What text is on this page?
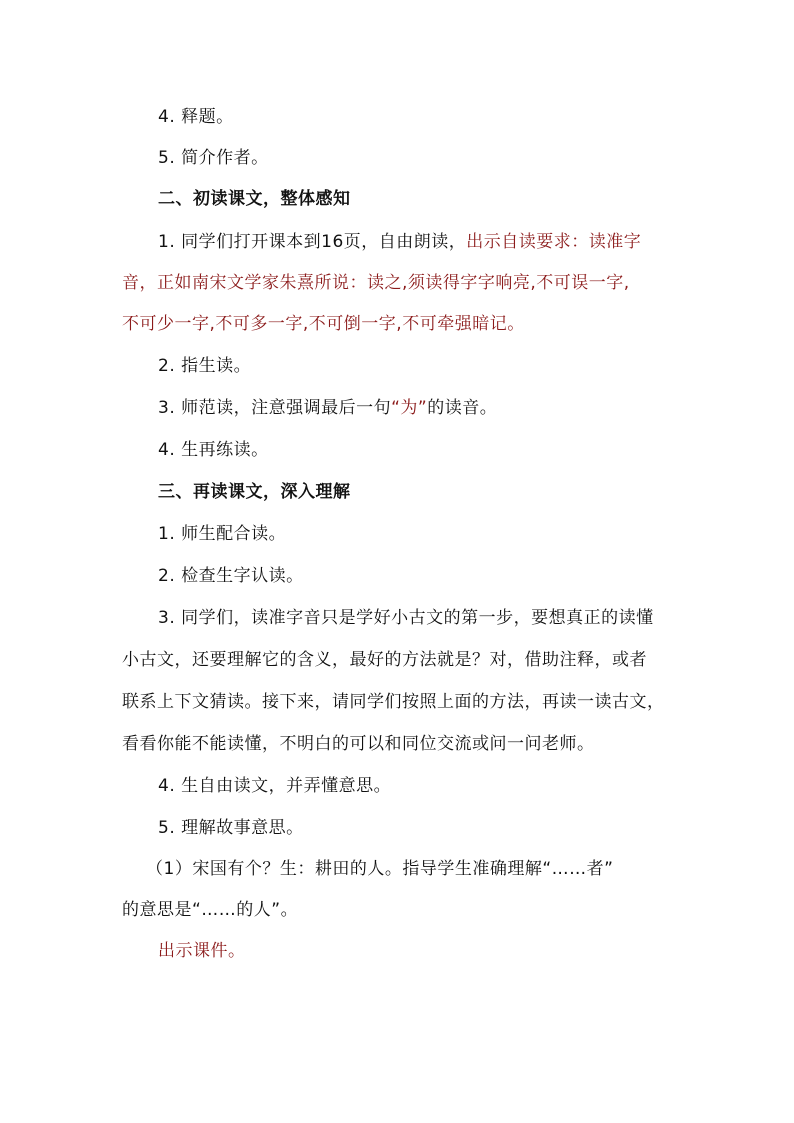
4. 释题。
5. 简介作者。
二、初读课文，整体感知
1. 同学们打开课本到16页，自由朗读，出示自读要求：读准字
音，正如南宋文学家朱熹所说：读之,须读得字字响亮,不可误一字,
不可少一字,不可多一字,不可倒一字,不可牵强暗记。
2. 指生读。
3. 师范读，注意强调最后一句“为”的读音。
4. 生再练读。
三、再读课文，深入理解
1. 师生配合读。
2. 检查生字认读。
3. 同学们，读准字音只是学好小古文的第一步，要想真正的读懂
小古文，还要理解它的含义，最好的方法就是？对，借助注释，或者
联系上下文猜读。接下来，请同学们按照上面的方法，再读一读古文，
看看你能不能读懂，不明白的可以和同位交流或问一问老师。
4. 生自由读文，并弄懂意思。
5. 理解故事意思。
（1）宋国有个？生：耕田的人。指导学生准确理解“……者”
的意思是“……的人”。
出示课件。
